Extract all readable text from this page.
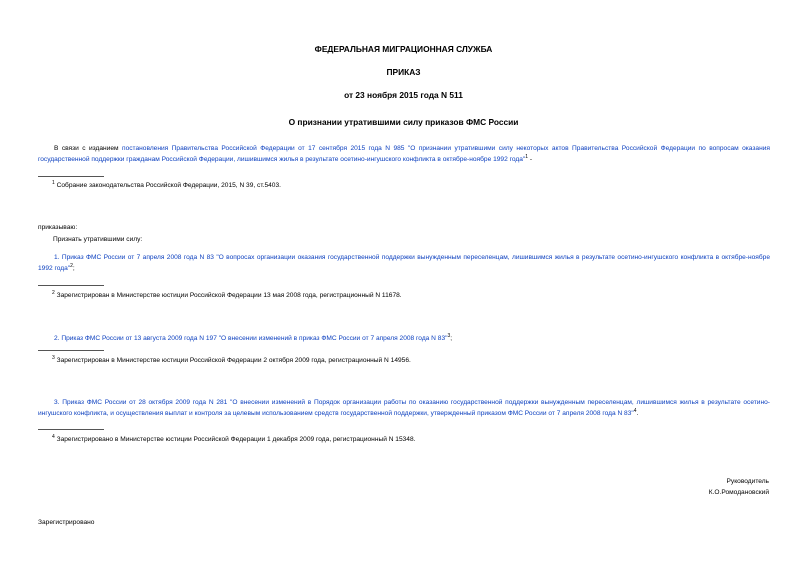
ФЕДЕРАЛЬНАЯ МИГРАЦИОННАЯ СЛУЖБА
ПРИКАЗ
от 23 ноября 2015 года N 511
О признании утратившими силу приказов ФМС России
В связи с изданием постановления Правительства Российской Федерации от 17 сентября 2015 года N 985 "О признании утратившими силу некоторых актов Правительства Российской Федерации по вопросам оказания государственной поддержки гражданам Российской Федерации, лишившимся жилья в результате осетино-ингушского конфликта в октябре-ноябре 1992 года"$^1$ -
$^1$ Собрание законодательства Российской Федерации, 2015, N 39, ст.5403.
приказываю:
Признать утратившими силу:
1. Приказ ФМС России от 7 апреля 2008 года N 83 "О вопросах организации оказания государственной поддержки вынужденным переселенцам, лишившимся жилья в результате осетино-ингушского конфликта в октябре-ноябре 1992 года"$^2$;
$^2$ Зарегистрирован в Министерстве юстиции Российской Федерации 13 мая 2008 года, регистрационный N 11678.
2. Приказ ФМС России от 13 августа 2009 года N 197 "О внесении изменений в приказ ФМС России от 7 апреля 2008 года N 83"$^3$;
$^3$ Зарегистрирован в Министерстве юстиции Российской Федерации 2 октября 2009 года, регистрационный N 14956.
3. Приказ ФМС России от 28 октября 2009 года N 281 "О внесении изменений в Порядок организации работы по оказанию государственной поддержки вынужденным переселенцам, лишившимся жилья в результате осетино-ингушского конфликта, и осуществления выплат и контроля за целевым использованием средств государственной поддержки, утвержденный приказом ФМС России от 7 апреля 2008 года N 83"$^4$.
$^4$ Зарегистрировано в Министерстве юстиции Российской Федерации 1 декабря 2009 года, регистрационный N 15348.
Руководитель
К.О.Ромодановский
Зарегистрировано
